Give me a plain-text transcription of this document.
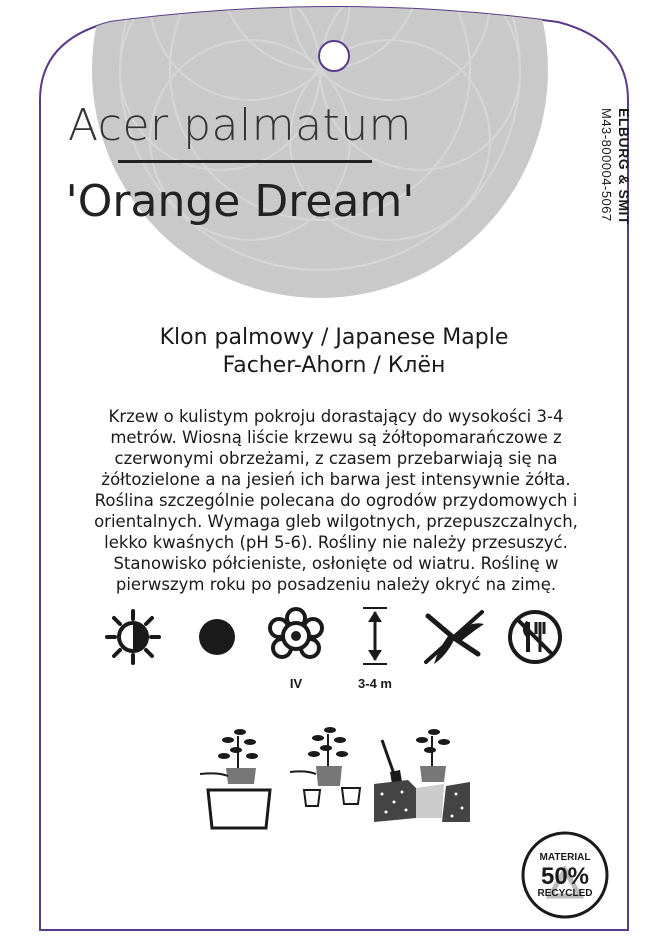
Acer palmatum
'Orange Dream'	ELBURG & SMIT
M43-800004-5067
Klon palmowy / Japanese Maple
Facher-Ahorn / Клён
Krzew o kulistym pokroju dorastający do wysokości 3-4
metrów. Wiosną liście krzewu są żółtopomarańczowe z
czerwonymi obrzeżami, z czasem przebarwiają się na
żółtozielone a na jesień ich barwa jest intensywnie żółta.
Roślina szczególnie polecana do ogrodów przydomowych i
orientalnych. Wymaga gleb wilgotnych, przepuszczalnych,
lekko kwaśnych (pH 5-6). Rośliny nie należy przesuszyć.
Stanowisko półcieniste, osłonięte od wiatru. Roślinę w
pierwszym roku po posadzeniu należy okryć na zimę.
IV	3-4 m
MATERIAL
50%
RECYCLED
